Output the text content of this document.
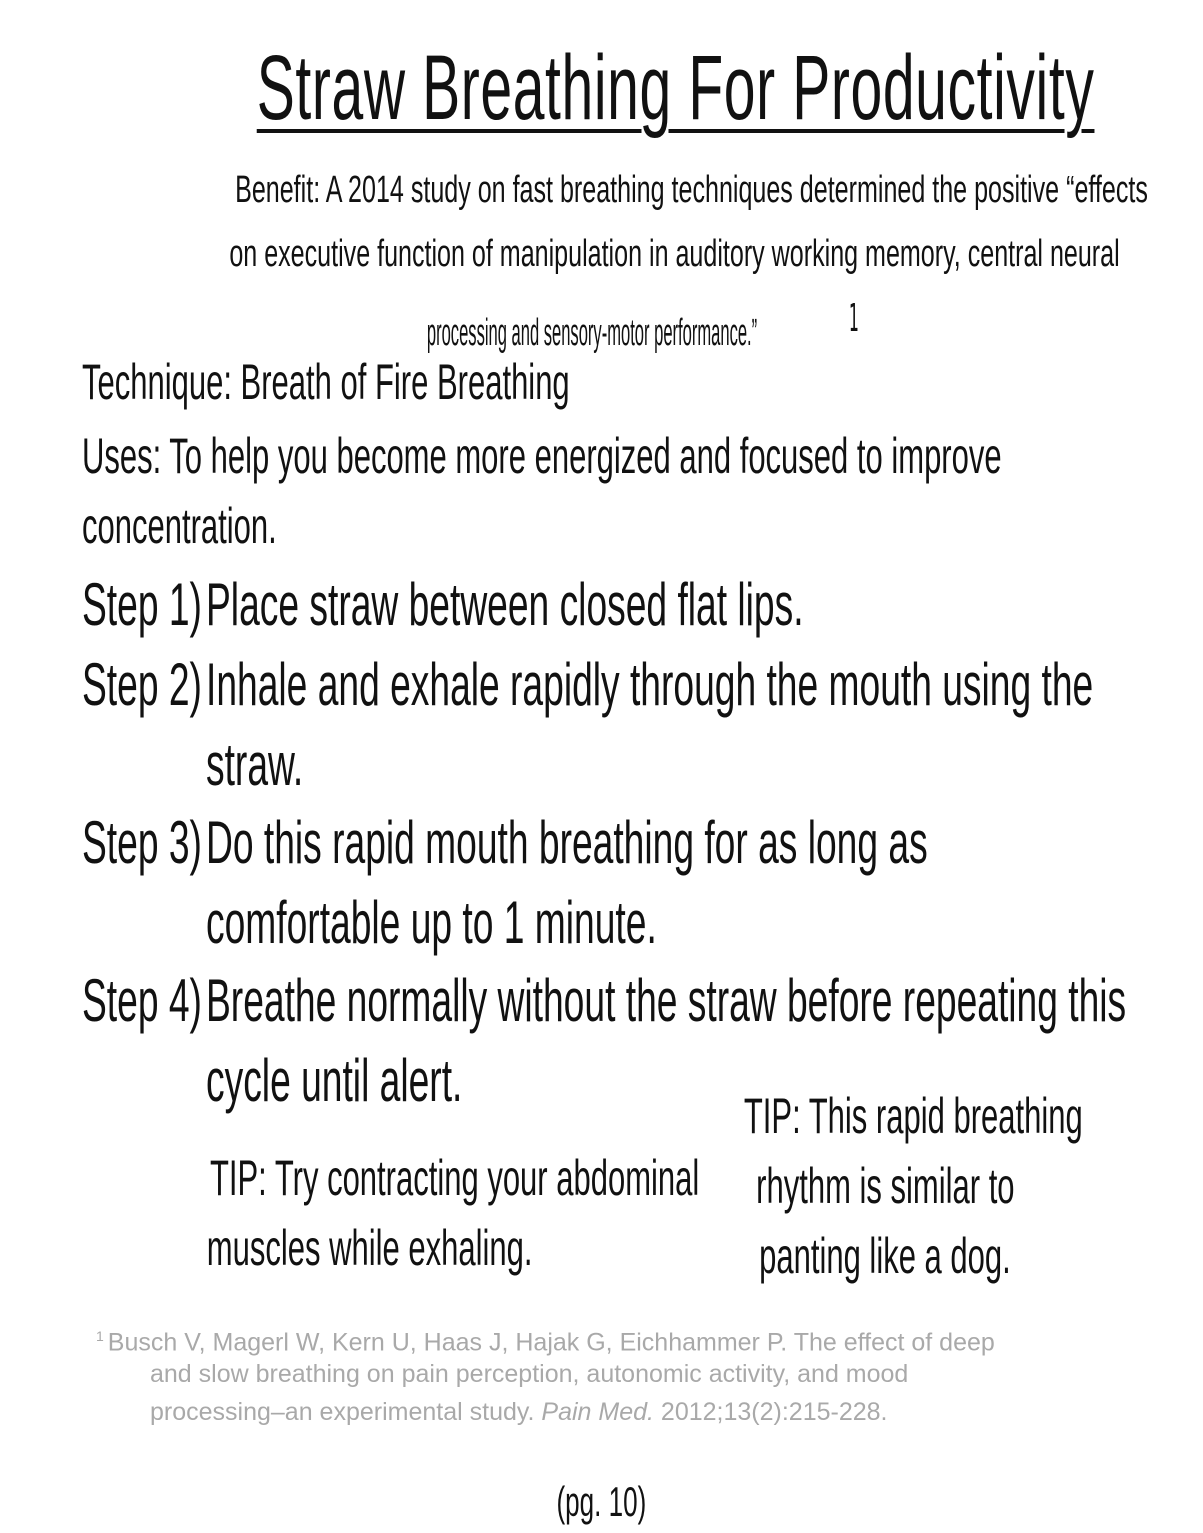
Straw Breathing For Productivity
Benefit: A 2014 study on fast breathing techniques determined the positive “effects
on executive function of manipulation in auditory working memory, central neural
processing and sensory-motor performance.” 1
Technique: Breath of Fire Breathing
Uses: To help you become more energized and focused to improve
concentration.
Step 1) Place straw between closed flat lips.
Step 2) Inhale and exhale rapidly through the mouth using the
straw.
Step 3) Do this rapid mouth breathing for as long as
comfortable up to 1 minute.
Step 4) Breathe normally without the straw before repeating this
cycle until alert.
TIP: Try contracting your abdominal
muscles while exhaling.
TIP: This rapid breathing
rhythm is similar to
panting like a dog.
$^1$ Busch V, Magerl W, Kern U, Haas J, Hajak G, Eichhammer P. The effect of deep
and slow breathing on pain perception, autonomic activity, and mood
processing–an experimental study. Pain Med. 2012;13(2):215-228.
(pg. 10)
